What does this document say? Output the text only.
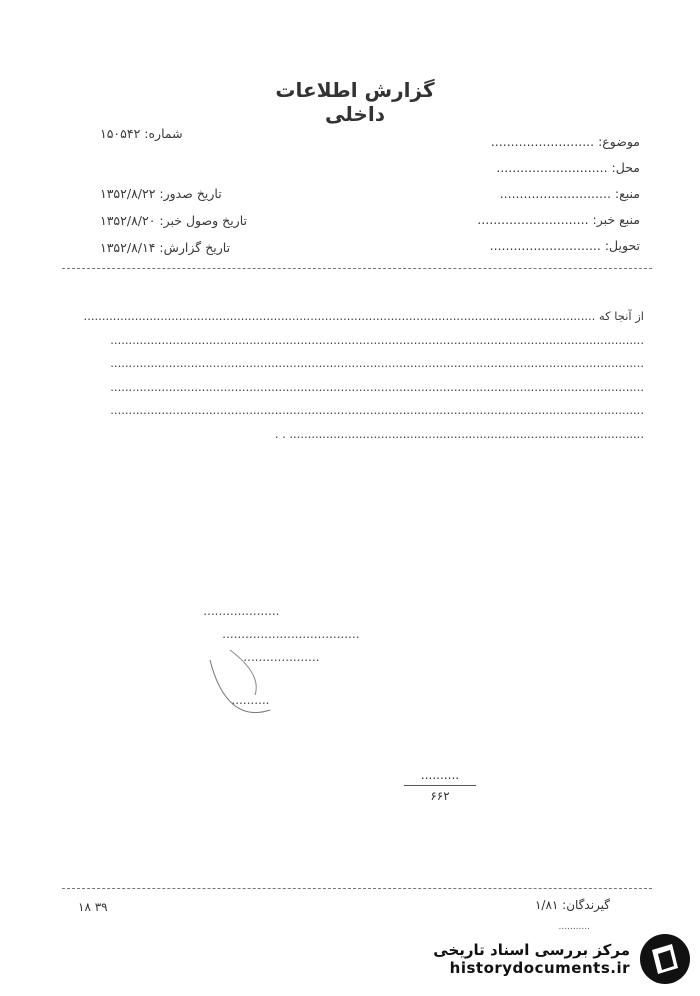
گزارش اطلاعات داخلی
شماره: ۱۵۰۵۴۲
تاریخ صدور: ۱۳۵۲/۸/۲۲
تاریخ وصول خبر: ۱۳۵۲/۸/۲۰
تاریخ گزارش: ۱۳۵۲/۸/۱۴
موضوع: ..........................
محل: ............................
منبع: ............................
منبع خبر: ............................
تحویل: ............................

از آنجا که ............................................................................................................................................

..................................................................................................................................................

..................................................................................................................................................

..................................................................................................................................................

..................................................................................................................................................

................................................................................................. . .

....................
....................................
....................
..........
..........
۶۶۲
۱۸ ۳۹	گیرندگان: ۱/۸۱
...........
مرکز بررسی اسناد تاریخی
historydocuments.ir
